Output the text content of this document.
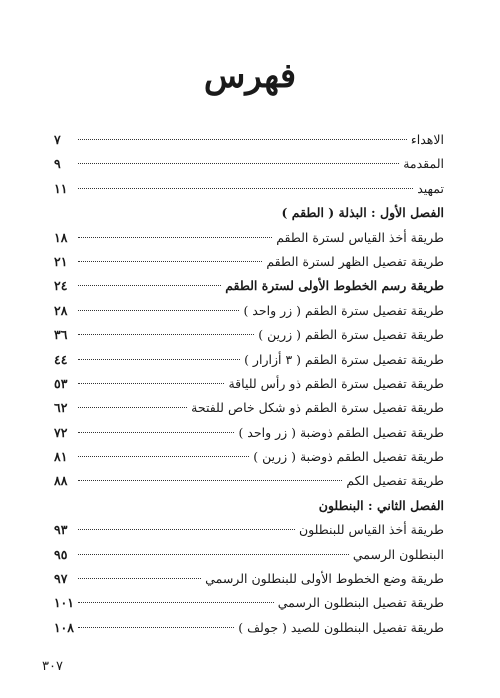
فهرس
الاهداء
٧
المقدمة
٩
تمهيد
١١
الفصل الأول : البذلة ( الطقم )
طريقة أخذ القياس لسترة الطقم
١٨
طريقة تفصيل الظهر لسترة الطقم
٢١
طريقة رسم الخطوط الأولى لسترة الطقم
٢٤
طريقة تفصيل سترة الطقم ( زر واحد )
٢٨
طريقة تفصيل سترة الطقم ( زرين )
٣٦
طريقة تفصيل سترة الطقم ( ٣ أزارار )
٤٤
طريقة تفصيل سترة الطقم ذو رأس للياقة
٥٣
طريقة تفصيل سترة الطقم ذو شكل خاص للفتحة
٦٢
طريقة تفصيل الطقم ذوضبة ( زر واحد )
٧٢
طريقة تفصيل الطقم ذوضبة ( زرين )
٨١
طريقة تفصيل الكم
٨٨
الفصل الثاني : البنطلون
طريقة أخذ القياس للبنطلون
٩٣
البنطلون الرسمي
٩٥
طريقة وضع الخطوط الأولى للبنطلون الرسمي
٩٧
طريقة تفصيل البنطلون الرسمي
١٠١
طريقة تفصيل البنطلون للصيد ( جولف )
١٠٨
٣٠٧
